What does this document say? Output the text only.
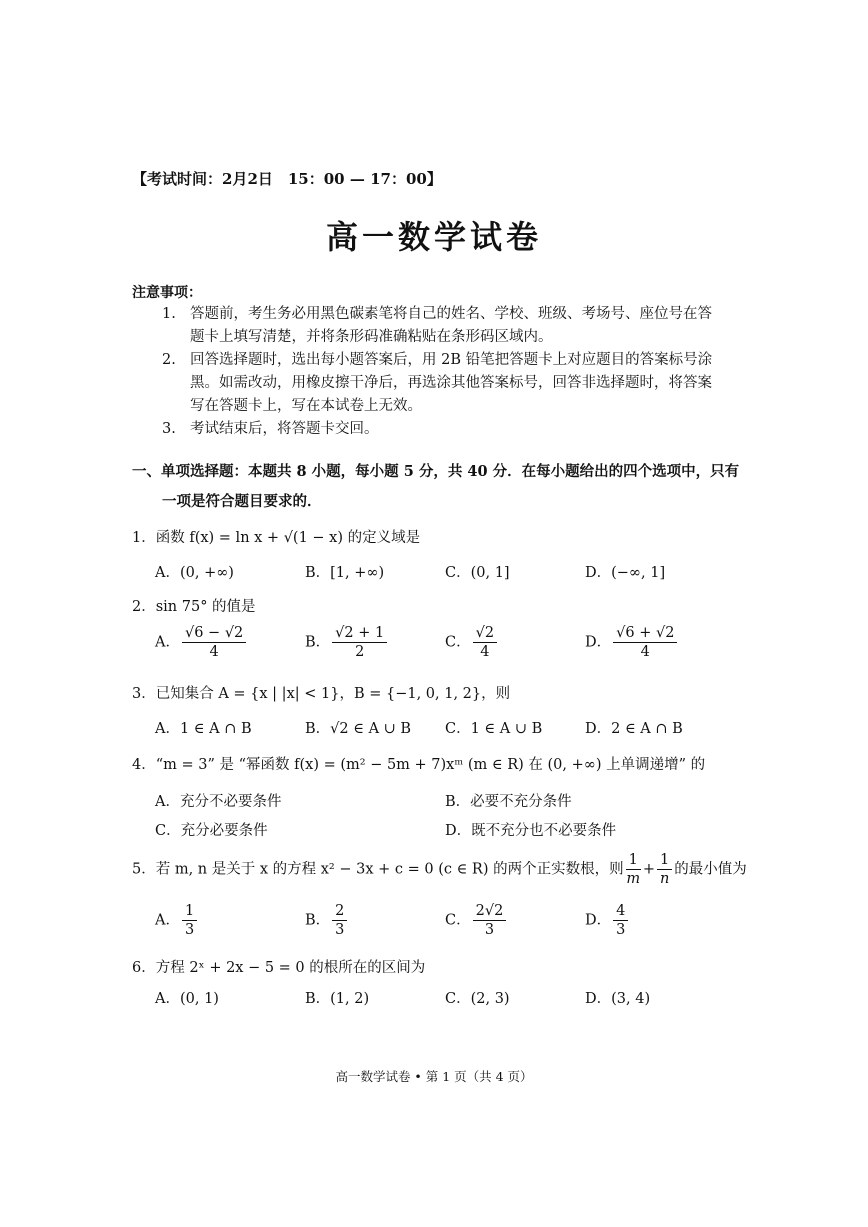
【考试时间：2月2日　15：00 — 17：00】
高一数学试卷
注意事项：
1. 答题前，考生务必用黑色碳素笔将自己的姓名、学校、班级、考场号、座位号在答
题卡上填写清楚，并将条形码准确粘贴在条形码区域内。
2. 回答选择题时，选出每小题答案后，用 2B 铅笔把答题卡上对应题目的答案标号涂
黑。如需改动，用橡皮擦干净后，再选涂其他答案标号，回答非选择题时，将答案
写在答题卡上，写在本试卷上无效。
3. 考试结束后，将答题卡交回。
一、单项选择题：本题共 8 小题，每小题 5 分，共 40 分．在每小题给出的四个选项中，只有
一项是符合题目要求的．
1．函数 f(x) = ln x + √(1 − x) 的定义域是
A．(0, +∞)	B．[1, +∞)	C．(0, 1]	D．(−∞, 1]
2．sin 75° 的值是
A． $\frac{√6 - √2}{4}$	B． $\frac{√2 + 1}{2}$	C． $\frac{√2}{4}$	D． $\frac{√6 + √2}{4}$
3．已知集合 A = {x | |x| < 1}，B = {−1, 0, 1, 2}，则
A．1 ∈ A ∩ B	B．√2 ∈ A ∪ B C．1 ∈ A ∪ B	D．2 ∈ A ∩ B
4．“m = 3” 是 “幂函数 f(x) = (m² − 5m + 7)xᵐ (m ∈ R) 在 (0, +∞) 上单调递增” 的
A．充分不必要条件	B．必要不充分条件
C．充分必要条件	D．既不充分也不必要条件
5．若 m, n 是关于 x 的方程 x² − 3x + c = 0 (c ∈ R) 的两个正实数根，则 $\frac{1}{m} + \frac{1}{n}$ 的最小值为
A． $\frac{1}{3}$	B． $\frac{2}{3}$	C． $\frac{2√2}{3}$	D． $\frac{4}{3}$
6．方程 2ˣ + 2x − 5 = 0 的根所在的区间为
A．(0, 1)	B．(1, 2)	C．(2, 3)	D．(3, 4)
高一数学试卷 • 第 1 页（共 4 页）
